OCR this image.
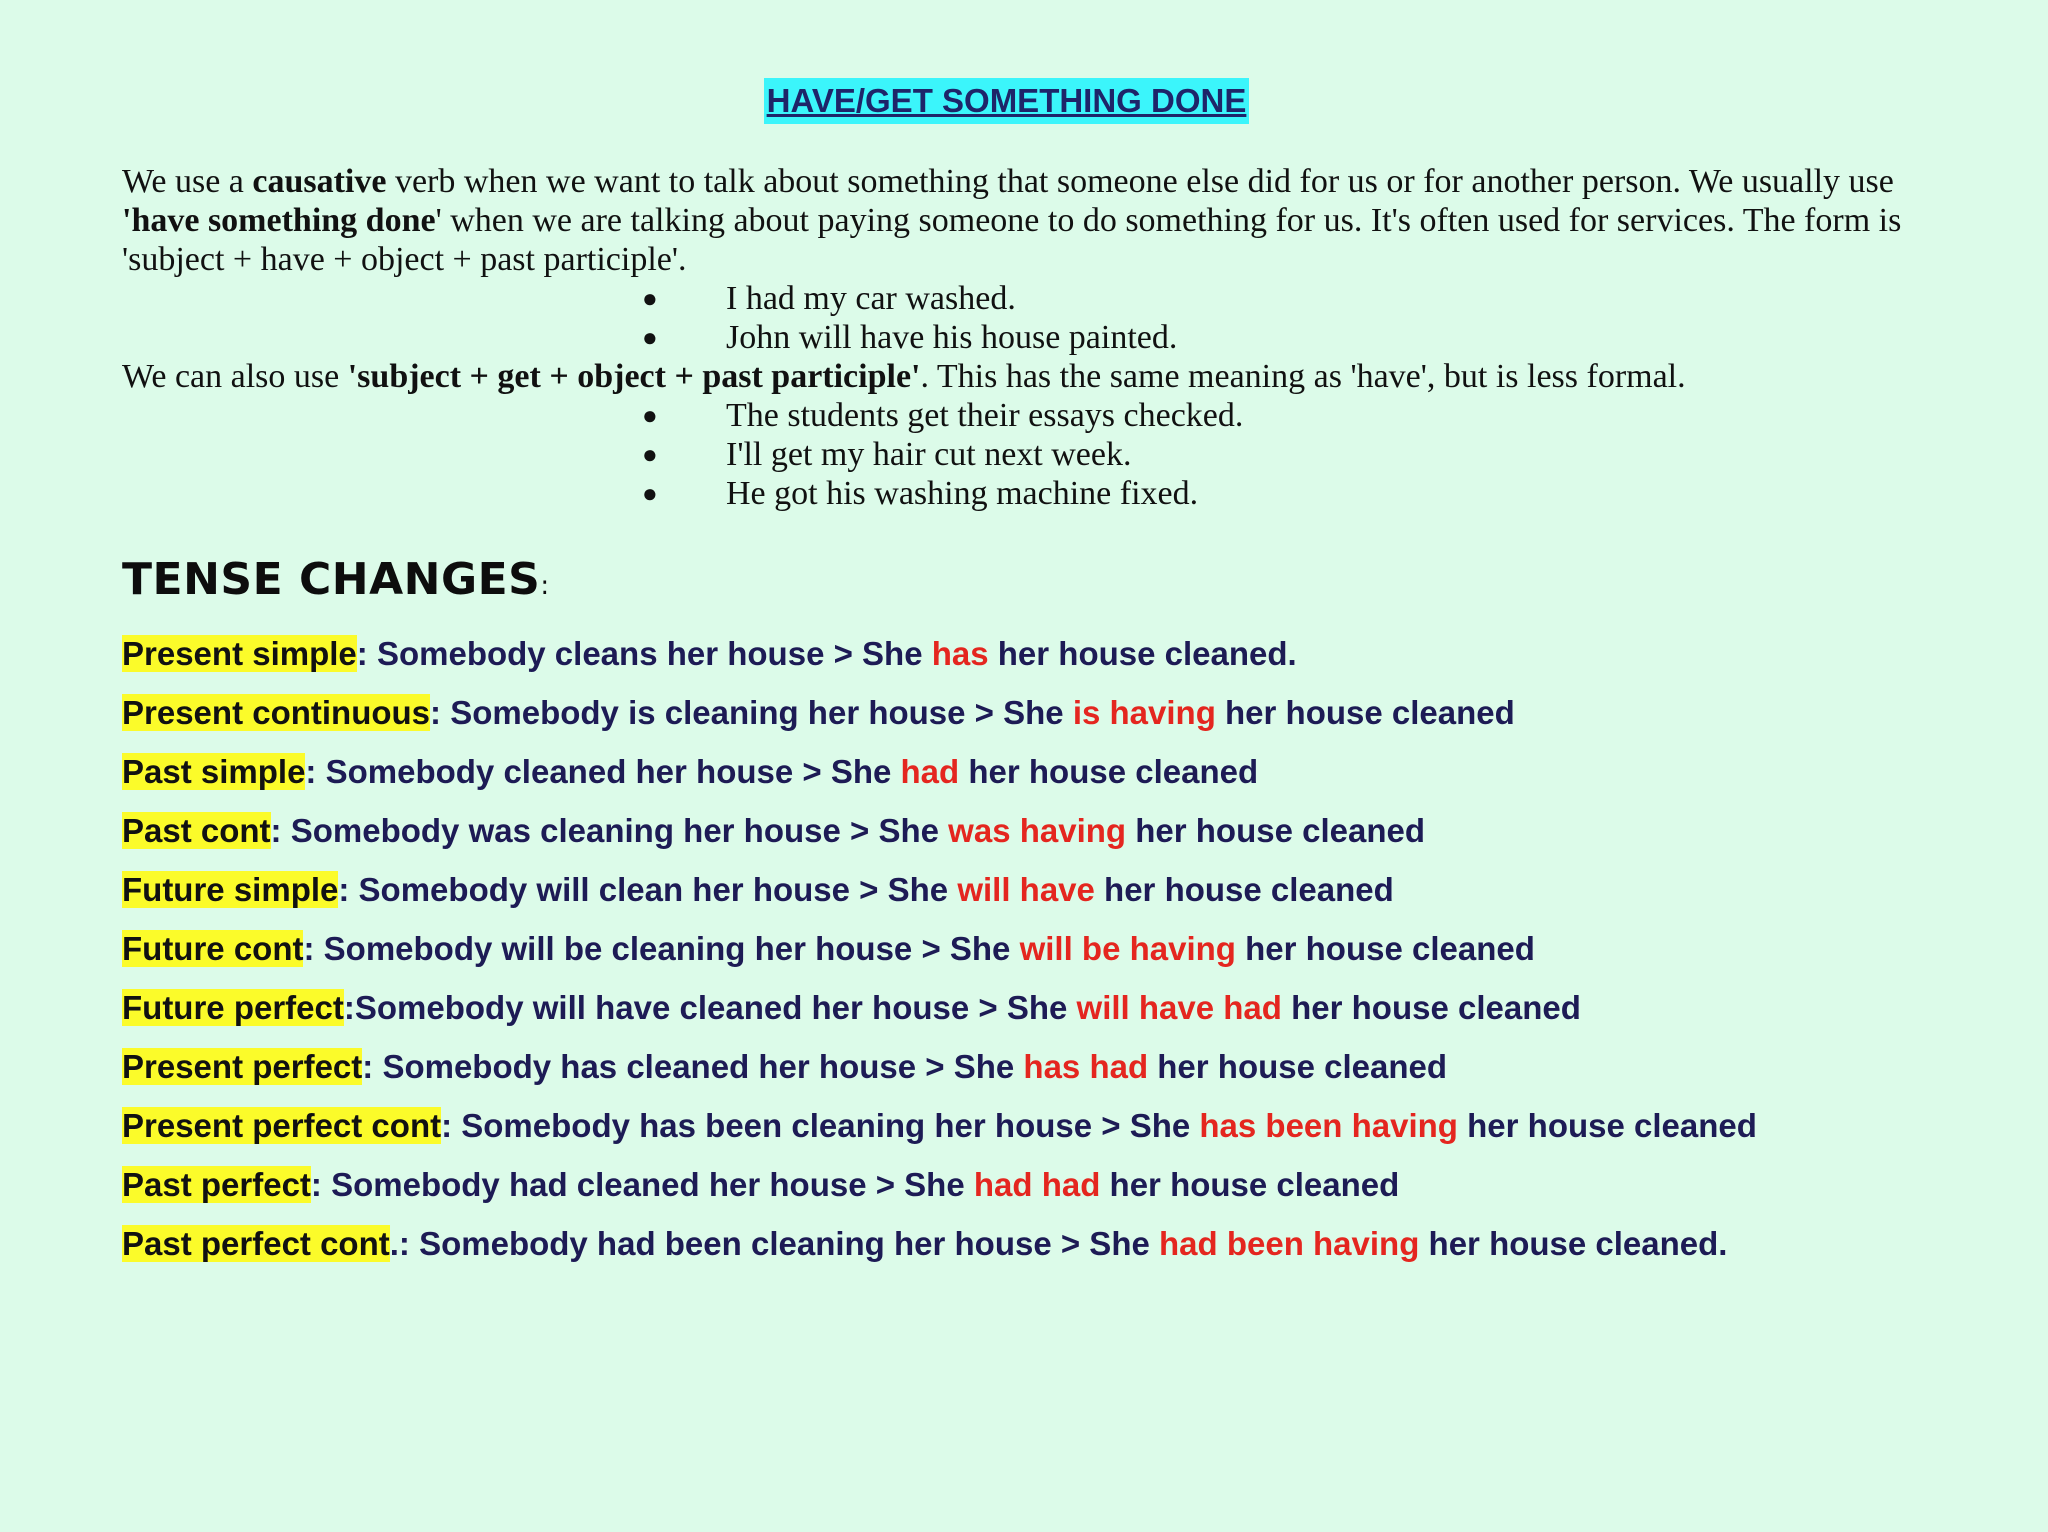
HAVE/GET SOMETHING DONE

We use a causative verb when we want to talk about something that someone else did for us or for another person. We usually use 'have something done' when we are talking about paying someone to do something for us. It's often used for services. The form is 'subject + have + object + past participle'.

● I had my car washed.
● John will have his house painted.

We can also use 'subject + get + object + past participle'. This has the same meaning as 'have', but is less formal.

● The students get their essays checked.
● I'll get my hair cut next week.
● He got his washing machine fixed.
TENSE CHANGES:
Present simple: Somebody cleans her house > She has her house cleaned.
Present continuous: Somebody is cleaning her house > She is having her house cleaned
Past simple: Somebody cleaned her house > She had her house cleaned
Past cont: Somebody was cleaning her house > She was having her house cleaned
Future simple: Somebody will clean her house > She will have her house cleaned
Future cont: Somebody will be cleaning her house > She will be having her house cleaned
Future perfect:Somebody will have cleaned her house > She will have had her house cleaned
Present perfect: Somebody has cleaned her house > She has had her house cleaned
Present perfect cont: Somebody has been cleaning her house > She has been having her house cleaned
Past perfect: Somebody had cleaned her house > She had had her house cleaned
Past perfect cont.: Somebody had been cleaning her house > She had been having her house cleaned.
